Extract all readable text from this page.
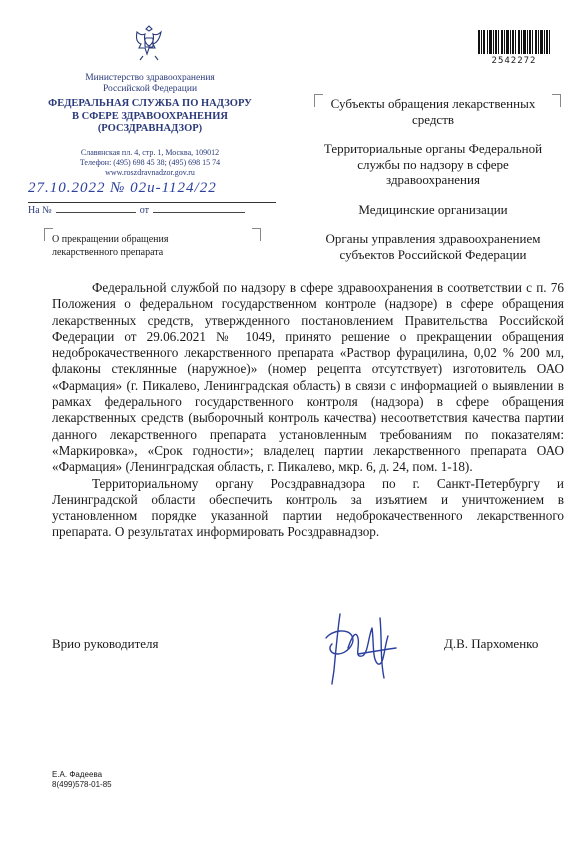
Министерство здравоохранения
Российской Федерации
ФЕДЕРАЛЬНАЯ СЛУЖБА ПО НАДЗОРУ
В СФЕРЕ ЗДРАВООХРАНЕНИЯ
(РОСЗДРАВНАДЗОР)
Славянская пл. 4, стр. 1, Москва, 109012
Телефон: (495) 698 45 38; (495) 698 15 74
www.roszdravnadzor.gov.ru
27.10.2022 № 02и-1124/22
На №	от
О прекращении обращения
лекарственного препарата
2542272

Субъекты обращения лекарственных средств

Территориальные органы Федеральной службы по надзору в сфере здравоохранения

Медицинские организации

Органы управления здравоохранением субъектов Российской Федерации

Федеральной службой по надзору в сфере здравоохранения в соответствии с п. 76 Положения о федеральном государственном контроле (надзоре) в сфере обращения лекарственных средств, утвержденного постановлением Правительства Российской Федерации от 29.06.2021 № 1049, принято решение о прекращении обращения недоброкачественного лекарственного препарата «Раствор фурацилина, 0,02 % 200 мл, флаконы стеклянные (наружное)» (номер рецепта отсутствует) изготовитель ОАО «Фармация» (г. Пикалево, Ленинградская область) в связи с информацией о выявлении в рамках федерального государственного контроля (надзора) в сфере обращения лекарственных средств (выборочный контроль качества) несоответствия качества партии данного лекарственного препарата установленным требованиям по показателям: «Маркировка», «Срок годности»; владелец партии лекарственного препарата ОАО «Фармация» (Ленинградская область, г. Пикалево, мкр. 6, д. 24, пом. 1-18).

Территориальному органу Росздравнадзора по г. Санкт-Петербургу и Ленинградской области обеспечить контроль за изъятием и уничтожением в установленном порядке указанной партии недоброкачественного лекарственного препарата. О результатах информировать Росздравнадзор.

Врио руководителя	Д.В. Пархоменко
Е.А. Фадеева
8(499)578-01-85
